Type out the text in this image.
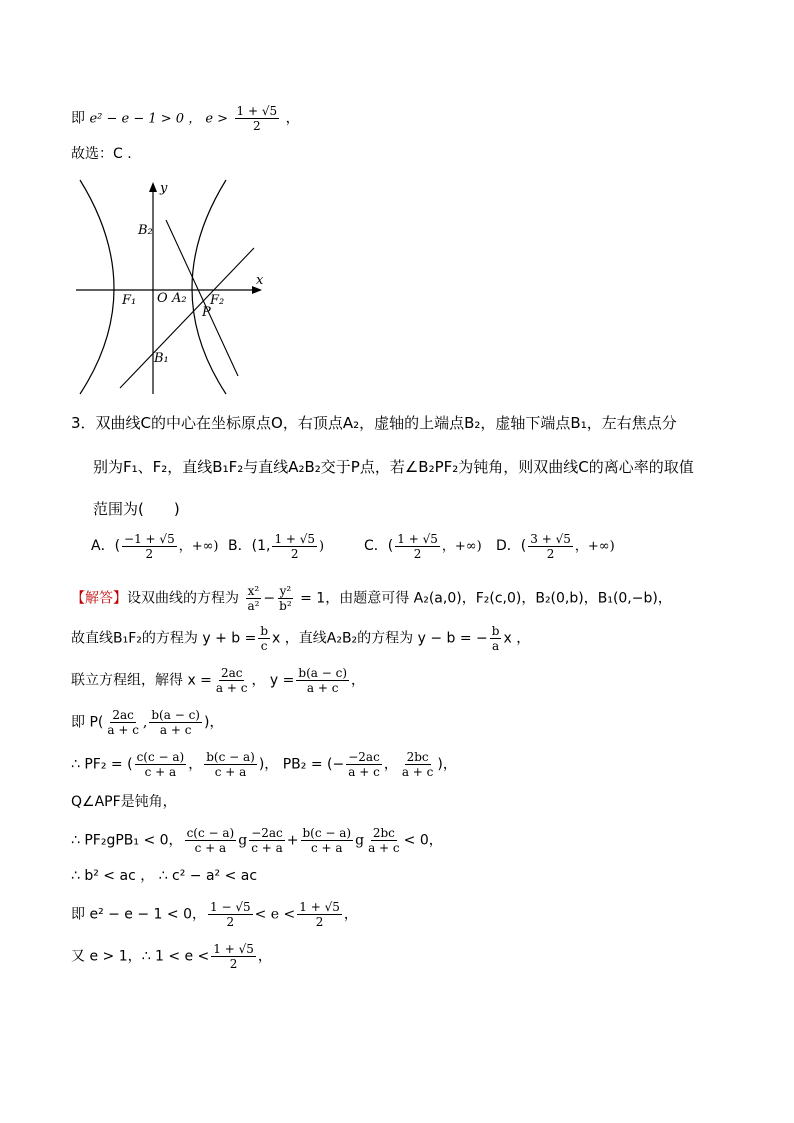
即 e² − e − 1 > 0 ， $e > \frac{1 + √5}{2}$ ，
故选：C .
y
x
B₂
F₁ O A₂ F₂
P
B₁
3．双曲线C的中心在坐标原点O，右顶点A₂，虚轴的上端点B₂，虚轴下端点B₁，左右焦点分
别为F₁、F₂，直线B₁F₂与直线A₂B₂交于P点，若∠B₂PF₂为钝角，则双曲线C的离心率的取值
范围为(　　)
A．( $\frac{-1 + √5}{2}$ ，+∞) B．(1, $\frac{1 + √5}{2}$ )	C．( $\frac{1 + √5}{2}$ ，+∞) D．( $\frac{3 + √5}{2}$ ，+∞)
【解答】设双曲线的方程为 $\frac{\text{x²}}{\text{a²}} - \frac{\text{y²}}{\text{b²}} = 1$，由题意可得 A₂(a,0)，F₂(c,0)，B₂(0,b)，B₁(0,−b)，
故直线B₁F₂的方程为 $y + b = \frac{b}{c}$ x ，直线A₂B₂的方程为 y − b = − $\frac{b}{a}$ x ，
联立方程组，解得 $x = \frac{2ac}{a + c}$ ， $y = \frac{b(a - c)}{a + c}$ ，
即 $P( \frac{2ac}{a + c}$ , $\frac{b(a - c)}{a + c}$ )，
∴ PF₂ = ( $\frac{c(c - a)}{c + a}$ ， $\frac{b(c - a)}{c + a}$ )， PB₂ = (− $\frac{-2ac}{a + c}$ ， $\frac{2bc}{a + c}$ )，
Q∠APF是钝角，
∴ PF₂gPB₁ < 0， $\frac{c(c - a)}{c + a}$ g $\frac{-2ac}{c + a} + \frac{b(c - a)}{c + a}$ g $\frac{2bc}{a + c} < 0$，
∴ b² < ac ， ∴ c² − a² < ac
即 e² − e − 1 < 0， $\frac{1 - √5}{2} < e < \frac{1 + √5}{2}$ ，
又 e > 1，∴ $1 < e < \frac{1 + √5}{2}$ ，
